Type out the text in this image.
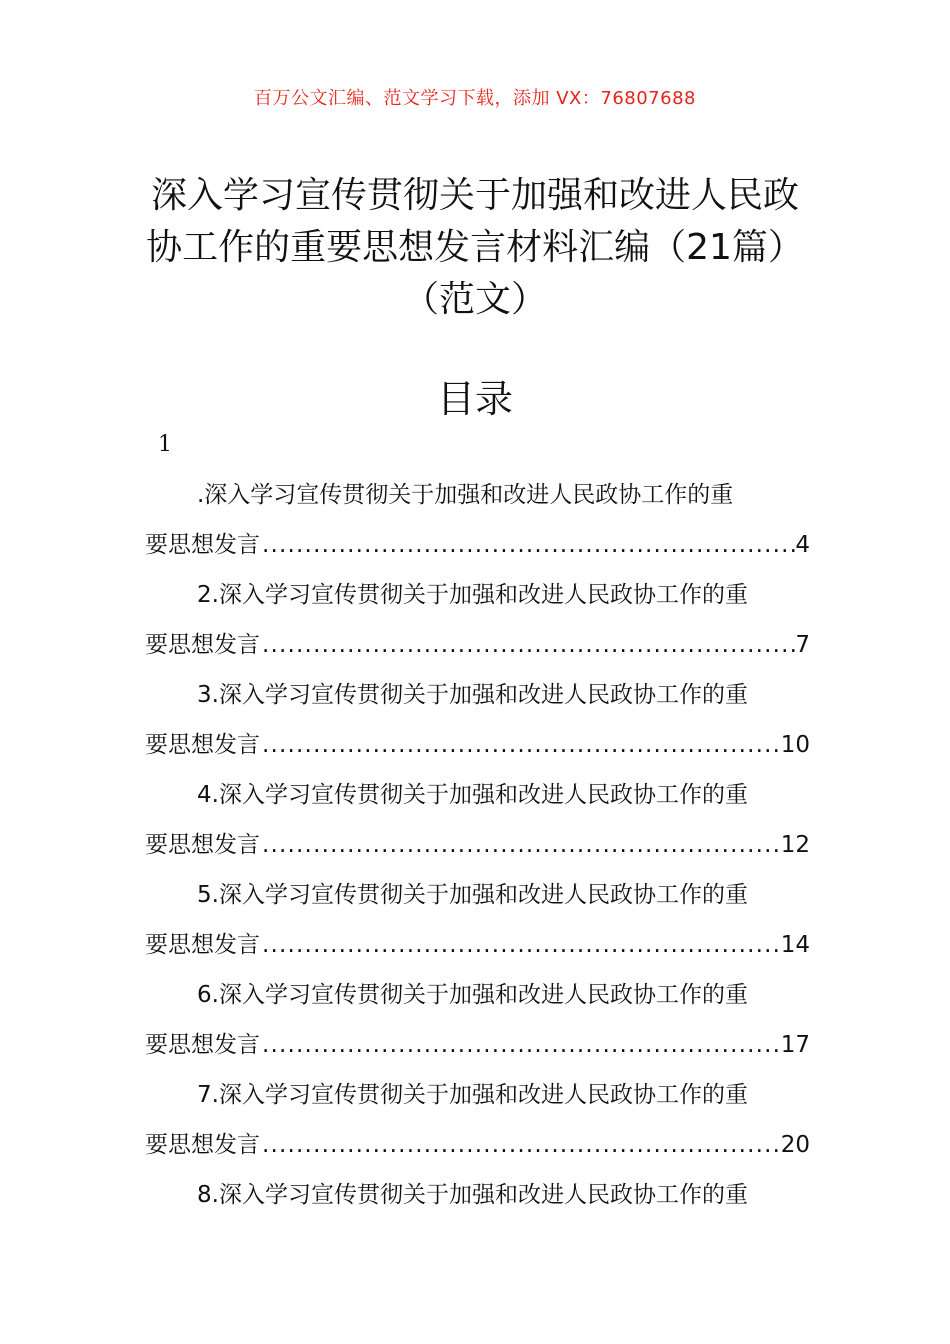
百万公文汇编、范文学习下载，添加 VX：76807688
深入学习宣传贯彻关于加强和改进人民政
协工作的重要思想发言材料汇编（21篇）
（范文）
目录
1
.深入学习宣传贯彻关于加强和改进人民政协工作的重
要思想发言 .....	4
2.深入学习宣传贯彻关于加强和改进人民政协工作的重
要思想发言 .....	7
3.深入学习宣传贯彻关于加强和改进人民政协工作的重
要思想发言 .....	10
4.深入学习宣传贯彻关于加强和改进人民政协工作的重
要思想发言 .....	12
5.深入学习宣传贯彻关于加强和改进人民政协工作的重
要思想发言 .....	14
6.深入学习宣传贯彻关于加强和改进人民政协工作的重
要思想发言 .....	17
7.深入学习宣传贯彻关于加强和改进人民政协工作的重
要思想发言 .....	20
8.深入学习宣传贯彻关于加强和改进人民政协工作的重
